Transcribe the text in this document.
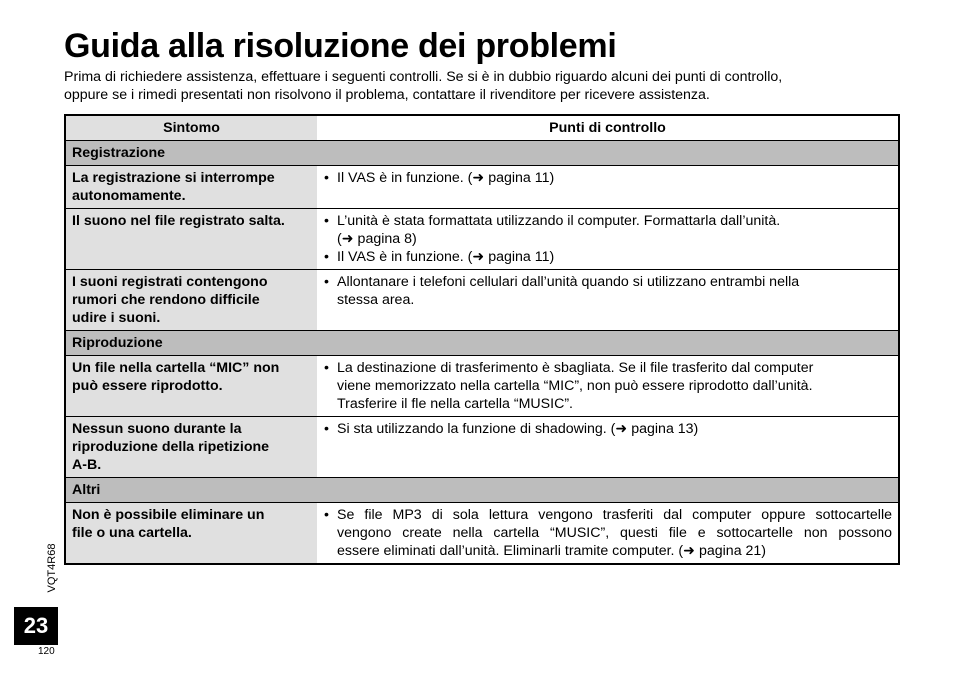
Guida alla risoluzione dei problemi
Prima di richiedere assistenza, effettuare i seguenti controlli. Se si è in dubbio riguardo alcuni dei punti di controllo,
oppure se i rimedi presentati non risolvono il problema, contattare il rivenditore per ricevere assistenza.
Sintomo	Punti di controllo
Registrazione	

La registrazione si interrompe
autonomamente.	• Il VAS è in funzione. (➜ pagina 11)

Il suono nel file registrato salta.	• L’unità è stata formattata utilizzando il computer. Formattarla dall’unità.
(➜ pagina 8)
• Il VAS è in funzione. (➜ pagina 11)

I suoni registrati contengono
rumori che rendono difficile
udire i suoni.	• Allontanare i telefoni cellulari dall’unità quando si utilizzano entrambi nella
stessa area.

Riproduzione	

Un file nella cartella “MIC” non
può essere riprodotto.	• La destinazione di trasferimento è sbagliata. Se il file trasferito dal computer
viene memorizzato nella cartella “MIC”, non può essere riprodotto dall’unità.
Trasferire il fle nella cartella “MUSIC”.

Nessun suono durante la
riproduzione della ripetizione
A-B.	• Si sta utilizzando la funzione di shadowing. (➜ pagina 13)

Altri	

Non è possibile eliminare un
file o una cartella.	• Se file MP3 di sola lettura vengono trasferiti dal computer oppure sottocartelle
vengono create nella cartella “MUSIC”, questi file e sottocartelle non possono
essere eliminati dall’unità. Eliminarli tramite computer. (➜ pagina 21)
VQT4R68
23
120
